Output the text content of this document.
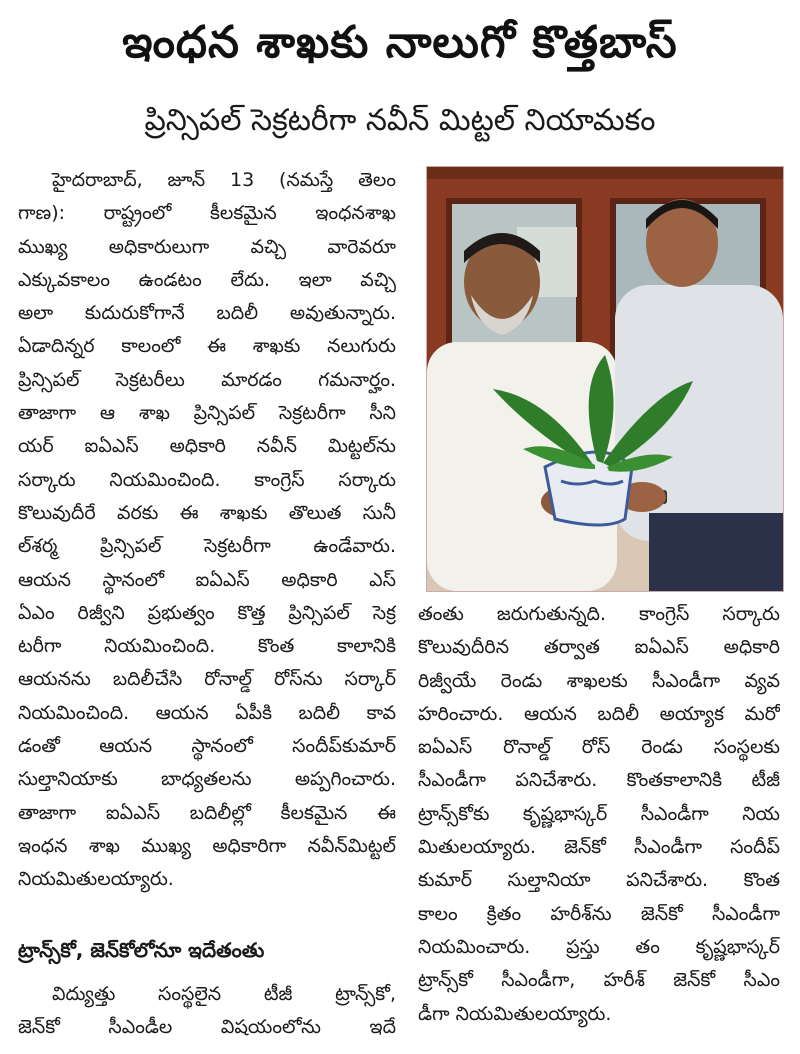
ఇంధన శాఖకు నాలుగో కొత్తబాస్
ప్రిన్సిపల్ సెక్రటరీగా నవీన్ మిట్టల్ నియామకం
హైదరాబాద్, జూన్ 13 (నమస్తే తెలం
గాణ): రాష్ట్రంలో కీలకమైన ఇంధనశాఖ
ముఖ్య అధికారులుగా వచ్చి వారెవరూ
ఎక్కువకాలం ఉండటం లేదు. ఇలా వచ్చి
అలా కుదురుకోగానే బదిలీ అవుతున్నారు.
ఏడాదిన్నర కాలంలో ఈ శాఖకు నలుగురు
ప్రిన్సిపల్ సెక్రటరీలు మారడం గమనార్హం.
తాజాగా ఆ శాఖ ప్రిన్సిపల్ సెక్రటరీగా సీని
యర్ ఐఏఎస్ అధికారి నవీన్ మిట్టల్‌ను
సర్కారు నియమించింది. కాంగ్రెస్ సర్కారు
కొలువుదీరే వరకు ఈ శాఖకు తొలుత సునీ
ల్‌శర్మ ప్రిన్సిపల్ సెక్రటరీగా ఉండేవారు.
ఆయన స్థానంలో ఐఏఎస్ అధికారి ఎస్
ఏఎం రిజ్వీని ప్రభుత్వం కొత్త ప్రిన్సిపల్ సెక్ర
టరీగా నియమించింది. కొంత కాలానికి
ఆయనను బదిలీచేసి రోనాల్డ్ రోస్‌ను సర్కార్
నియమించింది. ఆయన ఏపీకి బదిలీ కావ
డంతో ఆయన స్థానంలో సందీప్‌కుమార్
సుల్తానియాకు బాధ్యతలను అప్పగించారు.
తాజాగా ఐఏఎస్ బదిలీల్లో కీలకమైన ఈ
ఇంధన శాఖ ముఖ్య అధికారిగా నవీన్‌మిట్టల్
నియమితులయ్యారు.
ట్రాన్స్‌కో, జెన్‌కోలోనూ ఇదేతంతు
విద్యుత్తు సంస్థలైన టీజీ ట్రాన్స్‌కో,
జెన్‌కో సీఎండీల విషయంలోను ఇదే
తంతు జరుగుతున్నది. కాంగ్రెస్ సర్కారు
కొలువుదీరిన తర్వాత ఐఏఎస్ అధికారి
రిజ్వీయే రెండు శాఖలకు సీఎండీగా వ్యవ
హరించారు. ఆయన బదిలీ అయ్యాక మరో
ఐఏఎస్ రొనాల్డ్ రోస్ రెండు సంస్థలకు
సీఎండీగా పనిచేశారు. కొంతకాలానికి టీజీ
ట్రాన్స్‌కోకు కృష్ణభాస్కర్ సీఎండీగా నియ
మితులయ్యారు. జెన్‌కో సీఎండీగా సందీప్
కుమార్ సుల్తానియా పనిచేశారు. కొంత
కాలం క్రితం హరీశ్‌ను జెన్‌కో సీఎండీగా
నియమించారు. ప్రస్తు తం కృష్ణభాస్కర్
ట్రాన్స్‌కో సీఎండీగా, హరీశ్ జెన్‌కో సీఎం
డీగా నియమితులయ్యారు.
